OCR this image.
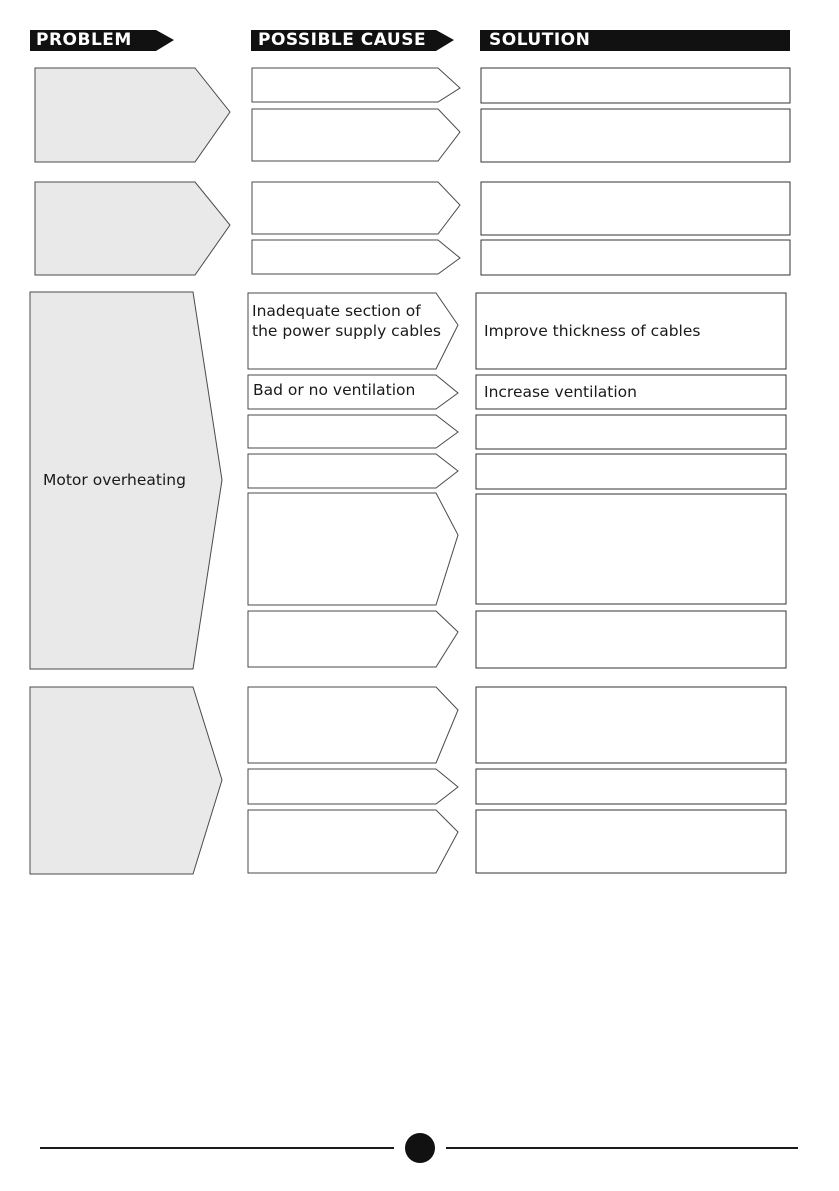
PROBLEM	POSSIBLE CAUSE	SOLUTION
Motor overheating
Inadequate section of
the power supply cables	Improve thickness of cables
Bad or no ventilation	Increase ventilation
